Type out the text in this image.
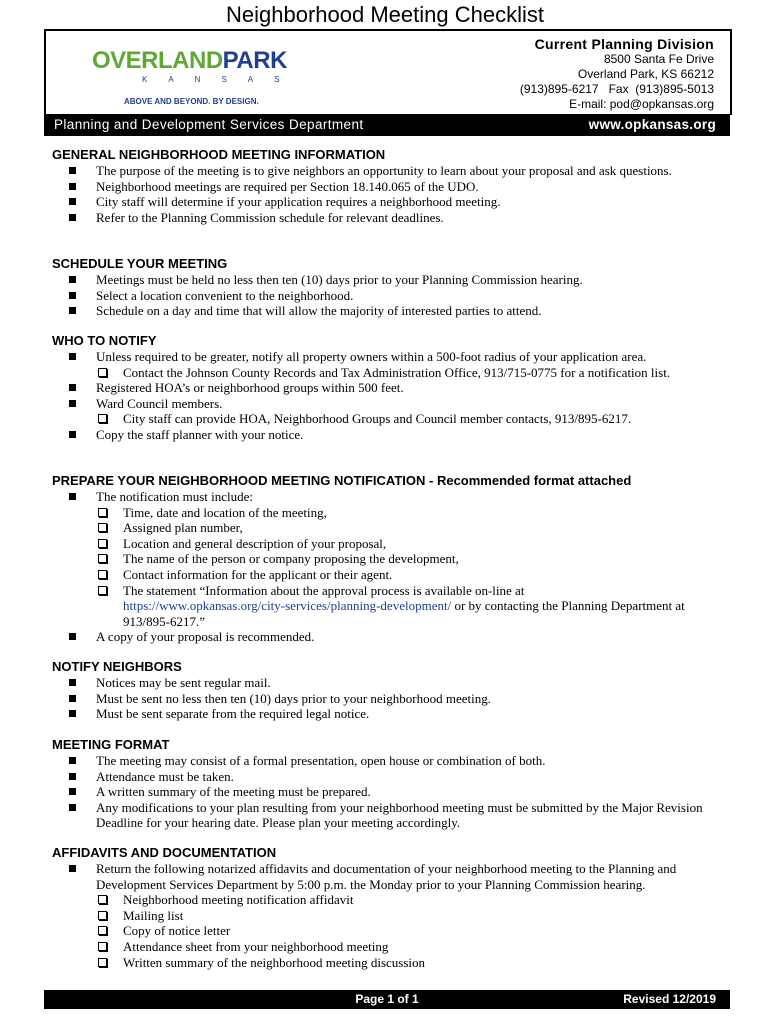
Neighborhood Meeting Checklist
OVERLANDPARK
KANSAS
ABOVE AND BEYOND. BY DESIGN.
Current Planning Division
8500 Santa Fe Drive
Overland Park, KS 66212
(913)895-6217   Fax  (913)895-5013
E-mail: pod@opkansas.org
Planning and Development Services Department	www.opkansas.org
GENERAL NEIGHBORHOOD MEETING INFORMATION
The purpose of the meeting is to give neighbors an opportunity to learn about your proposal and ask questions.
Neighborhood meetings are required per Section 18.140.065 of the UDO.
City staff will determine if your application requires a neighborhood meeting.
Refer to the Planning Commission schedule for relevant deadlines.
SCHEDULE YOUR MEETING
Meetings must be held no less then ten (10) days prior to your Planning Commission hearing.
Select a location convenient to the neighborhood.
Schedule on a day and time that will allow the majority of interested parties to attend.
WHO TO NOTIFY
Unless required to be greater, notify all property owners within a 500-foot radius of your application area.
Contact the Johnson County Records and Tax Administration Office, 913/715-0775 for a notification list.
Registered HOA’s or neighborhood groups within 500 feet.
Ward Council members.
City staff can provide HOA, Neighborhood Groups and Council member contacts, 913/895-6217.
Copy the staff planner with your notice.
PREPARE YOUR NEIGHBORHOOD MEETING NOTIFICATION - Recommended format attached
The notification must include:
Time, date and location of the meeting,
Assigned plan number,
Location and general description of your proposal,
The name of the person or company proposing the development,
Contact information for the applicant or their agent.
The statement “Information about the approval process is available on-line at
https://www.opkansas.org/city-services/planning-development/ or by contacting the Planning Department at 913/895-6217.”
A copy of your proposal is recommended.
NOTIFY NEIGHBORS
Notices may be sent regular mail.
Must be sent no less then ten (10) days prior to your neighborhood meeting.
Must be sent separate from the required legal notice.
MEETING FORMAT
The meeting may consist of a formal presentation, open house or combination of both.
Attendance must be taken.
A written summary of the meeting must be prepared.
Any modifications to your plan resulting from your neighborhood meeting must be submitted by the Major Revision Deadline for your hearing date. Please plan your meeting accordingly.
AFFIDAVITS AND DOCUMENTATION
Return the following notarized affidavits and documentation of your neighborhood meeting to the Planning and Development Services Department by 5:00 p.m. the Monday prior to your Planning Commission hearing.
Neighborhood meeting notification affidavit
Mailing list
Copy of notice letter
Attendance sheet from your neighborhood meeting
Written summary of the neighborhood meeting discussion
Page 1 of 1	Revised 12/2019
